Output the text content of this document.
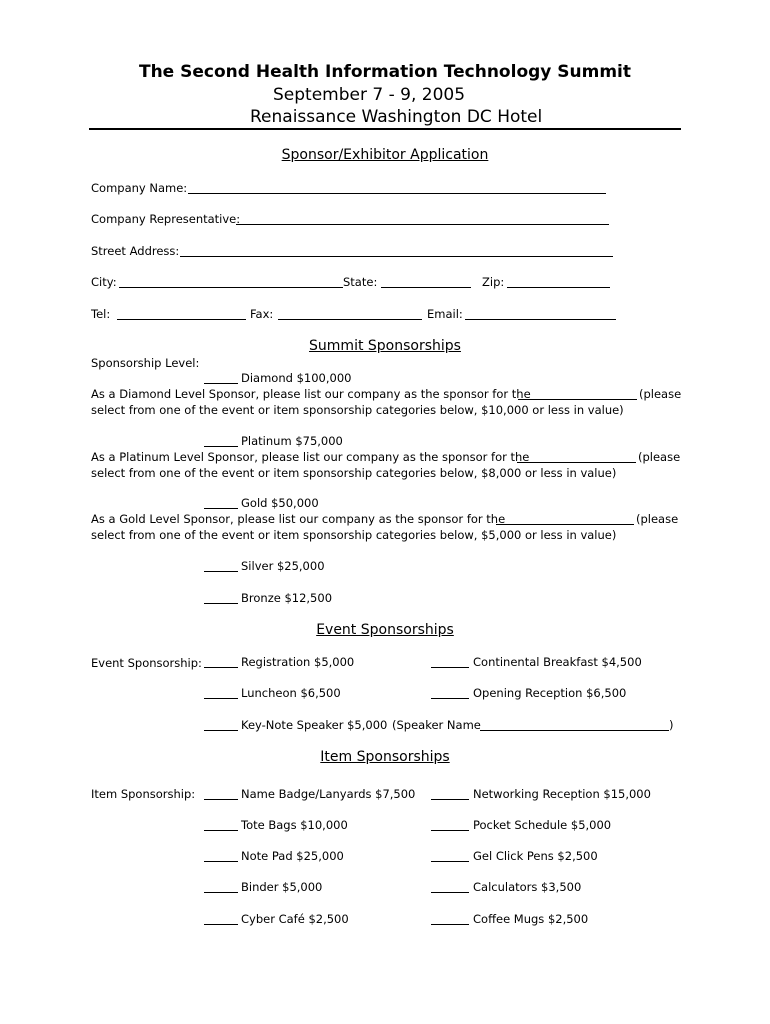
The Second Health Information Technology Summit
September 7 - 9, 2005
Renaissance Washington DC Hotel
Sponsor/Exhibitor Application
Company Name:
Company Representative:
Street Address:
City:	State:	Zip:
Tel:	Fax:	Email:
Summit Sponsorships
Sponsorship Level:
Diamond $100,000
As a Diamond Level Sponsor, please list our company as the sponsor for the	(please
select from one of the event or item sponsorship categories below, $10,000 or less in value)
Platinum $75,000
As a Platinum Level Sponsor, please list our company as the sponsor for the	(please
select from one of the event or item sponsorship categories below, $8,000 or less in value)
Gold $50,000
As a Gold Level Sponsor, please list our company as the sponsor for the	(please
select from one of the event or item sponsorship categories below, $5,000 or less in value)
Silver $25,000
Bronze $12,500
Event Sponsorships
Event Sponsorship:	Registration $5,000	Continental Breakfast $4,500
Luncheon $6,500	Opening Reception $6,500
Key-Note Speaker $5,000 (Speaker Name	)
Item Sponsorships
Item Sponsorship:	Name Badge/Lanyards $7,500	Networking Reception $15,000
Tote Bags $10,000	Pocket Schedule $5,000
Note Pad $25,000	Gel Click Pens $2,500
Binder $5,000	Calculators $3,500
Cyber Café $2,500	Coffee Mugs $2,500
